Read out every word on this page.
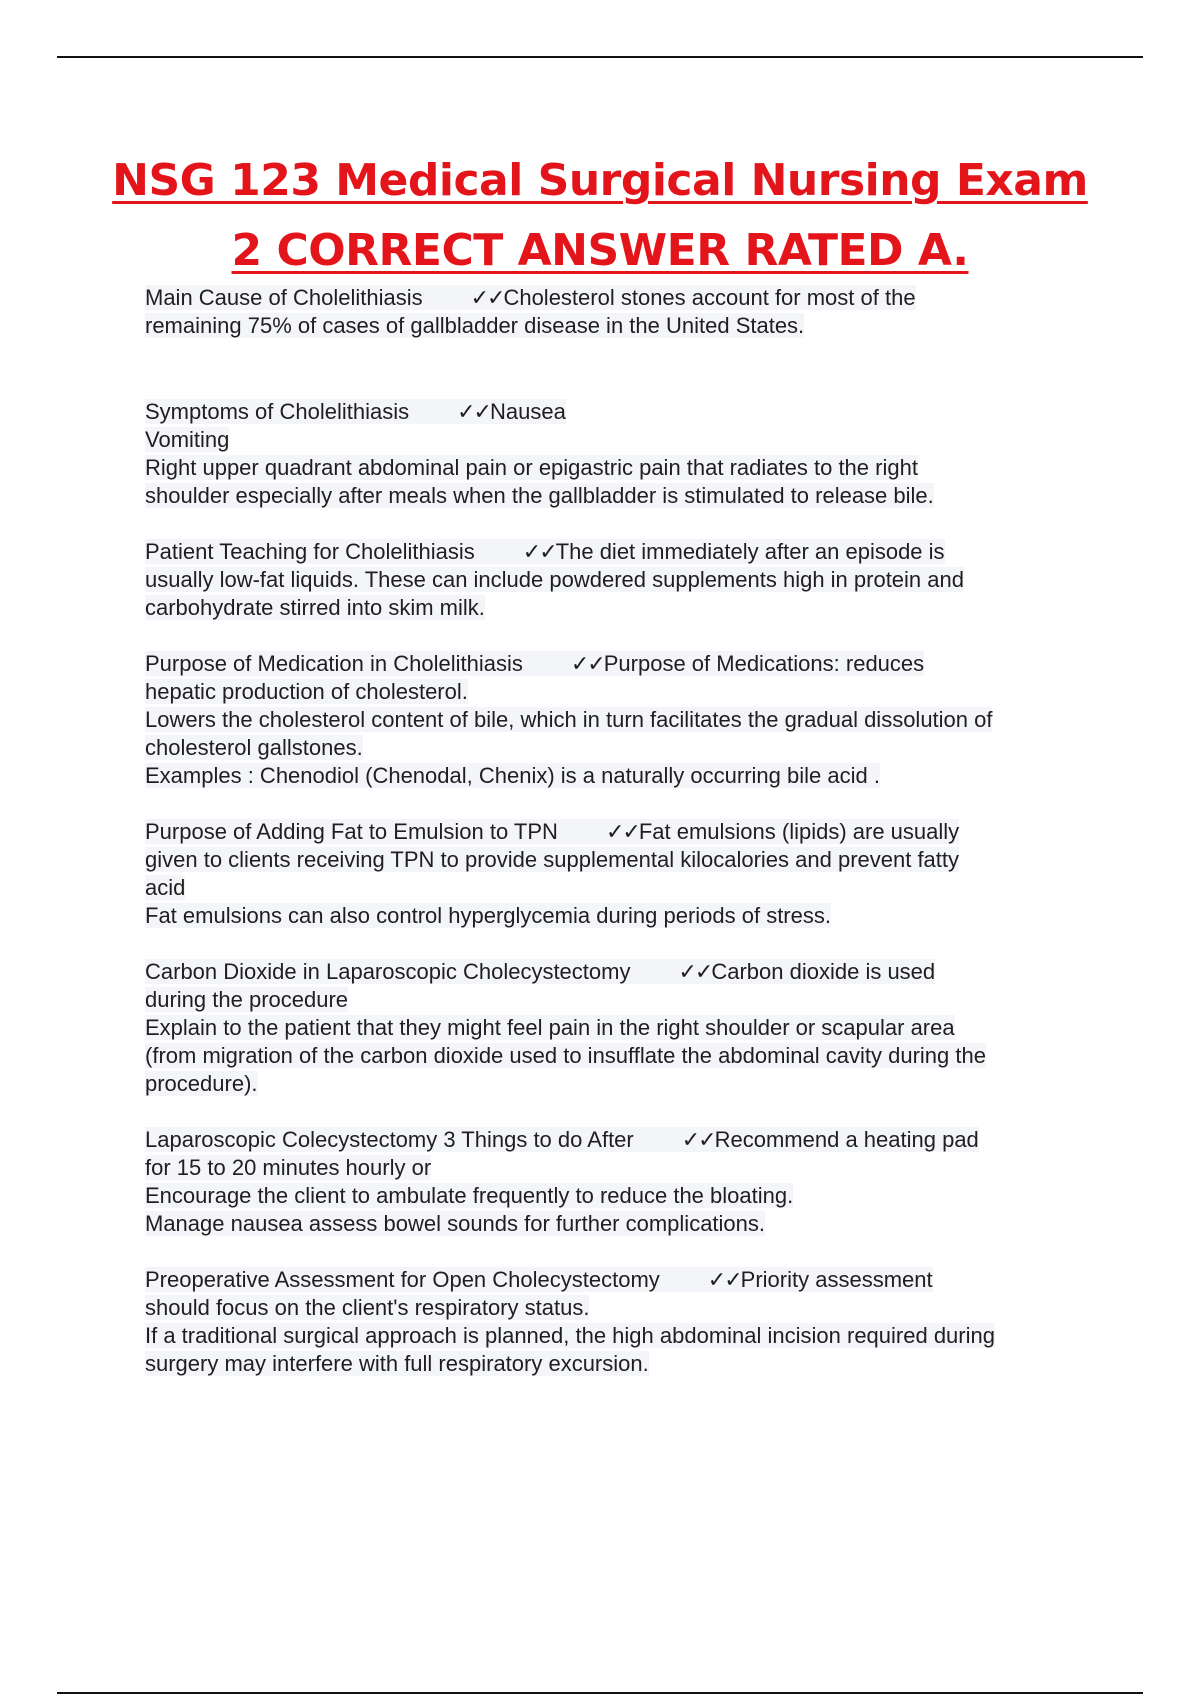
NSG 123 Medical Surgical Nursing Exam
2 CORRECT ANSWER RATED A.
Main Cause of Cholelithiasis ✓✓Cholesterol stones account for most of the
remaining 75% of cases of gallbladder disease in the United States.
Symptoms of Cholelithiasis ✓✓Nausea
Vomiting
Right upper quadrant abdominal pain or epigastric pain that radiates to the right
shoulder especially after meals when the gallbladder is stimulated to release bile.
Patient Teaching for Cholelithiasis ✓✓The diet immediately after an episode is
usually low-fat liquids. These can include powdered supplements high in protein and
carbohydrate stirred into skim milk.
Purpose of Medication in Cholelithiasis ✓✓Purpose of Medications: reduces
hepatic production of cholesterol.
Lowers the cholesterol content of bile, which in turn facilitates the gradual dissolution of
cholesterol gallstones.
Examples : Chenodiol (Chenodal, Chenix) is a naturally occurring bile acid .
Purpose of Adding Fat to Emulsion to TPN ✓✓Fat emulsions (lipids) are usually
given to clients receiving TPN to provide supplemental kilocalories and prevent fatty
acid
Fat emulsions can also control hyperglycemia during periods of stress.
Carbon Dioxide in Laparoscopic Cholecystectomy ✓✓Carbon dioxide is used
during the procedure
Explain to the patient that they might feel pain in the right shoulder or scapular area
(from migration of the carbon dioxide used to insufflate the abdominal cavity during the
procedure).
Laparoscopic Colecystectomy 3 Things to do After ✓✓Recommend a heating pad
for 15 to 20 minutes hourly or
Encourage the client to ambulate frequently to reduce the bloating.
Manage nausea assess bowel sounds for further complications.
Preoperative Assessment for Open Cholecystectomy ✓✓Priority assessment
should focus on the client's respiratory status.
If a traditional surgical approach is planned, the high abdominal incision required during
surgery may interfere with full respiratory excursion.
